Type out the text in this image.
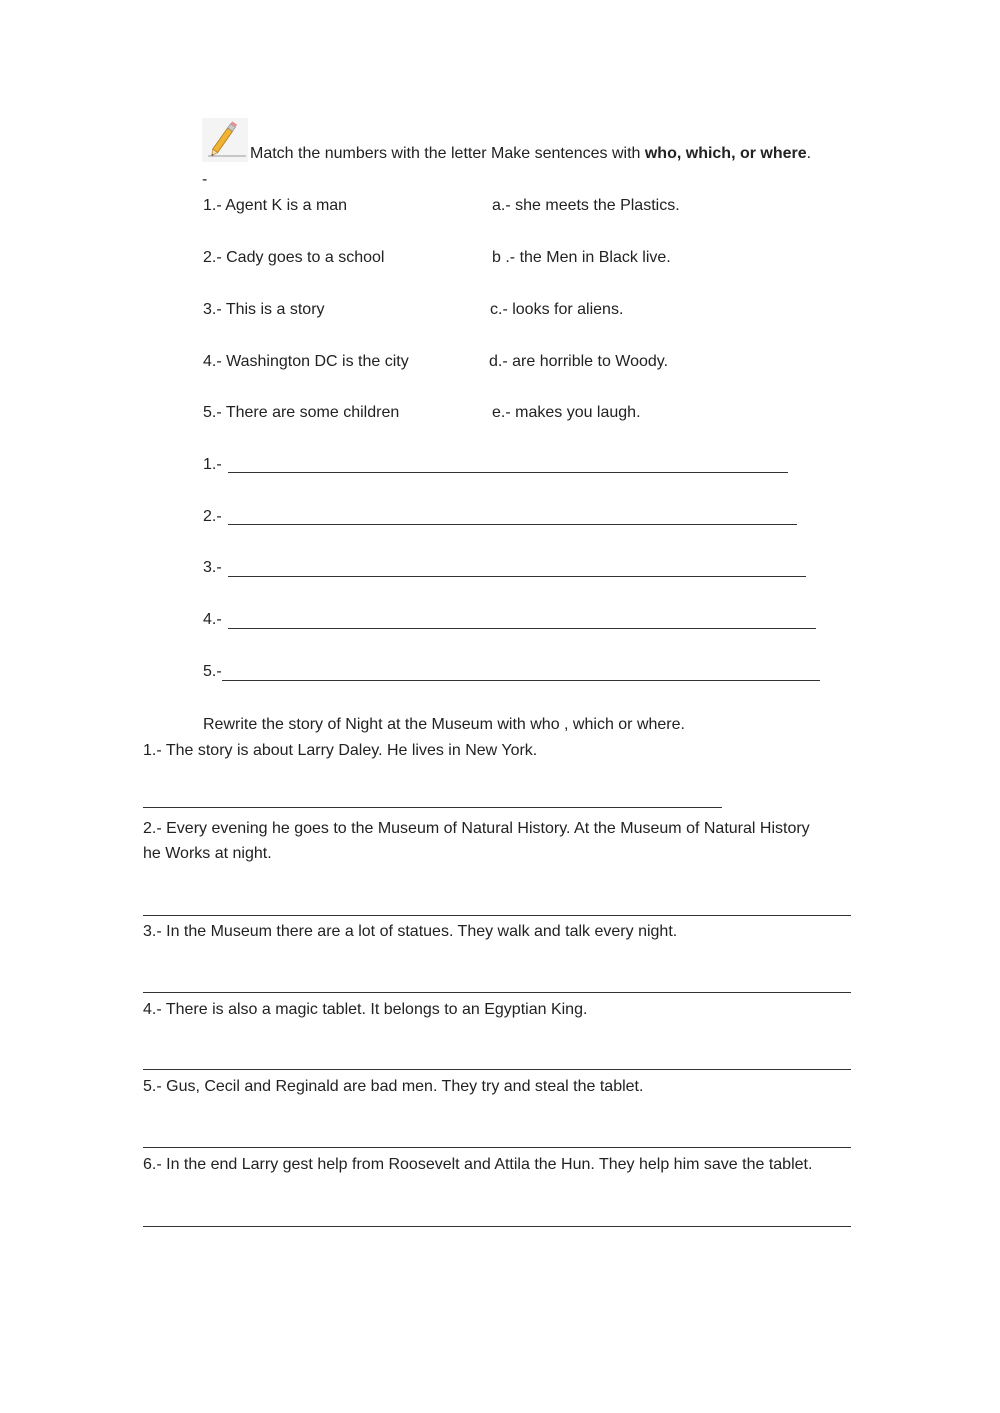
Match the numbers with the letter Make sentences with who, which, or where.
-
1.- Agent K is a man
2.- Cady goes to a school
3.- This is a story
4.- Washington DC is the city
5.- There are some children
a.- she meets the Plastics.
b .- the Men in Black live.
c.- looks for aliens.
d.- are horrible to Woody.
e.- makes you laugh.
1.-
2.-
3.-
4.-
5.-
Rewrite the story of Night at the Museum with who , which or where.
1.- The story is about Larry Daley. He lives in New York.
2.- Every evening he goes to the Museum of Natural History. At the Museum of Natural History
he Works at night.
3.- In the Museum there are a lot of statues. They walk and talk every night.
4.- There is also a magic tablet. It belongs to an Egyptian King.
5.- Gus, Cecil and Reginald are bad men. They try and steal the tablet.
6.- In the end Larry gest help from Roosevelt and Attila the Hun. They help him save the tablet.
